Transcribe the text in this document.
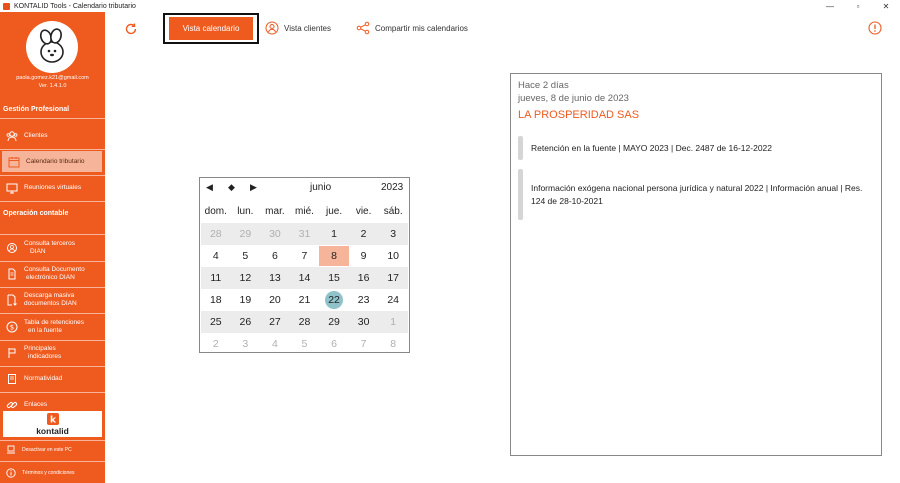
KONTALID Tools - Calendario tributario	—	▫	✕
paola.gomez.k21@gmail.com
Ver. 1.4.1.0
Gestión Profesional
Clientes
Calendario tributario
Reuniones virtuales
Operación contable
Consulta terceros
DIAN
Consulta Documento
electrónico DIAN
Descarga masiva
documentos DIAN
$
Tabla de retenciones
en la fuente
Principales
indicadores
Normatividad
Enlaces
k
kontalid
Desactivar en este PC
Términos y condiciones
Vista calendario	Vista clientes	Compartir mis calendarios
◀ ◆ ▶	junio	2023
dom.	lun.	mar.	mié.	jue.	vie.	sáb.
28	29	30	31	1	2	3
4	5	6	7	8	9	10
11	12	13	14	15	16	17
18	19	20	21	22	23	24
25	26	27	28	29	30	1
2	3	4	5	6	7	8
Hace 2 días
jueves, 8 de junio de 2023
LA PROSPERIDAD SAS
Retención en la fuente | MAYO 2023 | Dec. 2487 de 16-12-2022
Información exógena nacional persona jurídica y natural 2022 | Información anual | Res. 124 de 28-10-2021
